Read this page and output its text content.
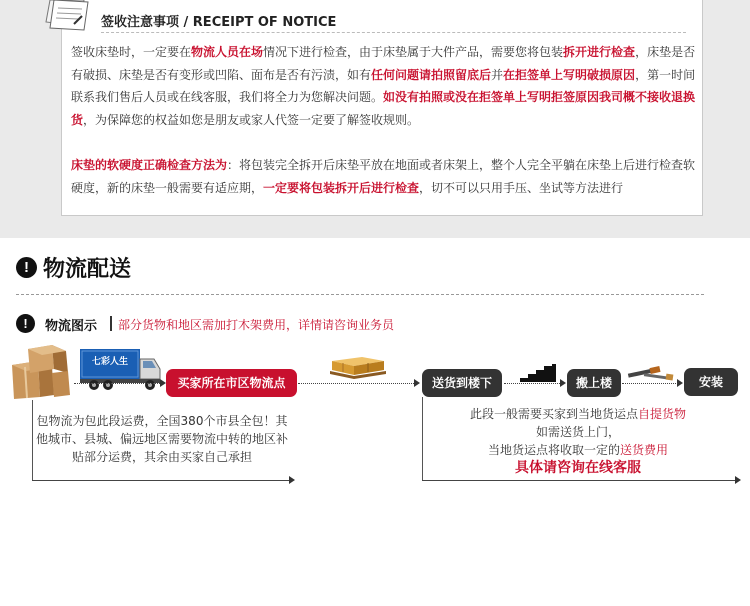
签收注意事项 / RECEIPT OF NOTICE
签收床垫时，一定要在物流人员在场情况下进行检查，由于床垫属于大件产品，需要您将包装拆开进行检查，床垫是否有破损、床垫是否有变形或凹陷、面布是否有污渍，如有任何问题请拍照留底后并在拒签单上写明破损原因，第一时间联系我们售后人员或在线客服，我们将全力为您解决问题。如没有拍照或没在拒签单上写明拒签原因我司概不接收退换货，为保障您的权益如您是朋友或家人代签一定要了解签收规则。
床垫的软硬度正确检查方法为：将包装完全拆开后床垫平放在地面或者床架上，整个人完全平躺在床垫上后进行检查软硬度，新的床垫一般需要有适应期，一定要将包装拆开后进行检查，切不可以只用手压、坐试等方法进行
! 物流配送
!	物流图示 部分货物和地区需加打木架费用，详情请咨询业务员
七彩人生
买家所在市区物流点	送货到楼下	搬上楼	安装
包物流为包此段运费，全国380个市县全包！其他城市、县城、偏远地区需要物流中转的地区补贴部分运费，其余由买家自己承担
此段一般需要买家到当地货运点自提货物
如需送货上门，
当地货运点将收取一定的送货费用
具体请咨询在线客服
